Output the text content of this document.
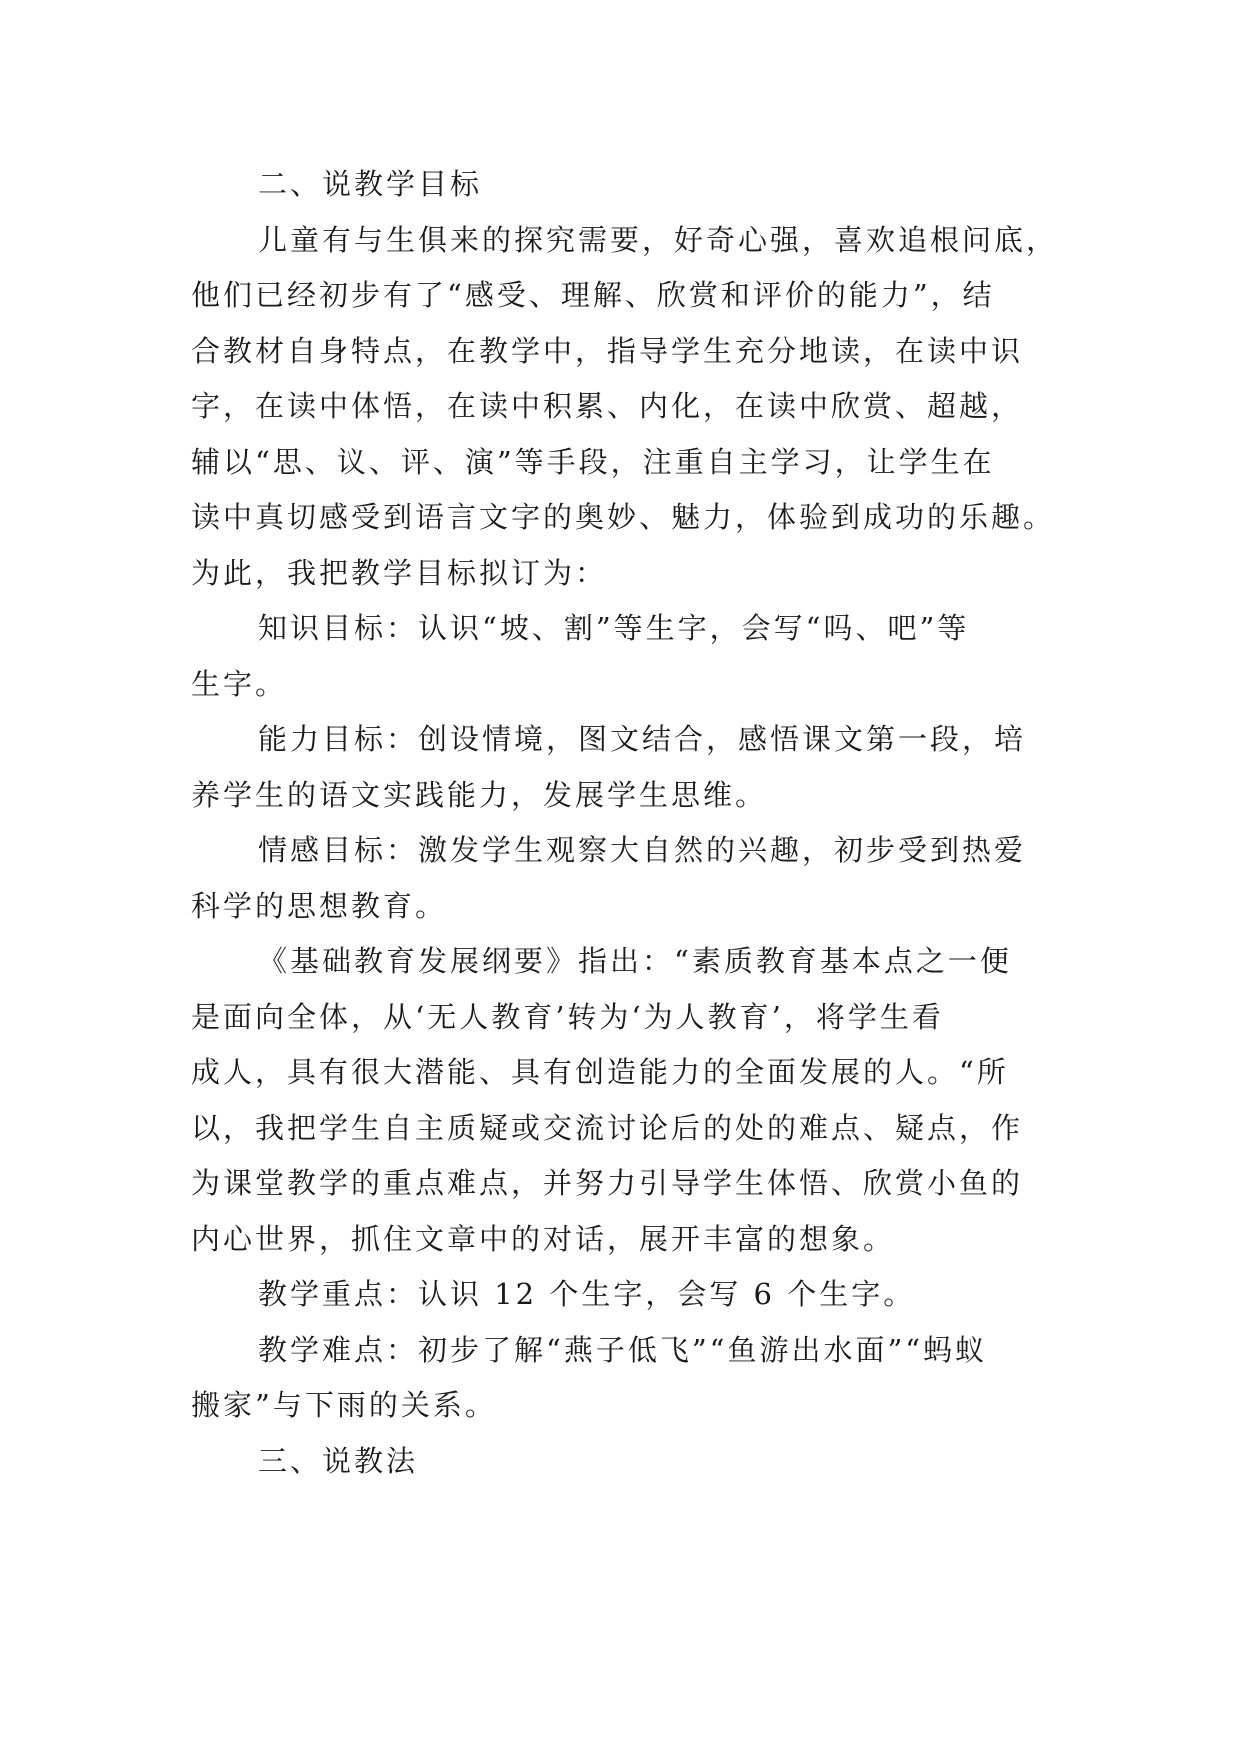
二、说教学目标
儿童有与生俱来的探究需要，好奇心强，喜欢追根问底，
他们已经初步有了“感受、理解、欣赏和评价的能力”，结
合教材自身特点，在教学中，指导学生充分地读，在读中识
字，在读中体悟，在读中积累、内化，在读中欣赏、超越，
辅以“思、议、评、演”等手段，注重自主学习，让学生在
读中真切感受到语言文字的奥妙、魅力，体验到成功的乐趣。
为此，我把教学目标拟订为：
知识目标：认识“坡、割”等生字，会写“吗、吧”等
生字。
能力目标：创设情境，图文结合，感悟课文第一段，培
养学生的语文实践能力，发展学生思维。
情感目标：激发学生观察大自然的兴趣，初步受到热爱
科学的思想教育。
《基础教育发展纲要》指出：“素质教育基本点之一便
是面向全体，从‘无人教育’转为‘为人教育’，将学生看
成人，具有很大潜能、具有创造能力的全面发展的人。“所
以，我把学生自主质疑或交流讨论后的处的难点、疑点，作
为课堂教学的重点难点，并努力引导学生体悟、欣赏小鱼的
内心世界，抓住文章中的对话，展开丰富的想象。
教学重点：认识 12 个生字，会写 6 个生字。
教学难点：初步了解“燕子低飞”“鱼游出水面”“蚂蚁
搬家”与下雨的关系。
三、说教法
